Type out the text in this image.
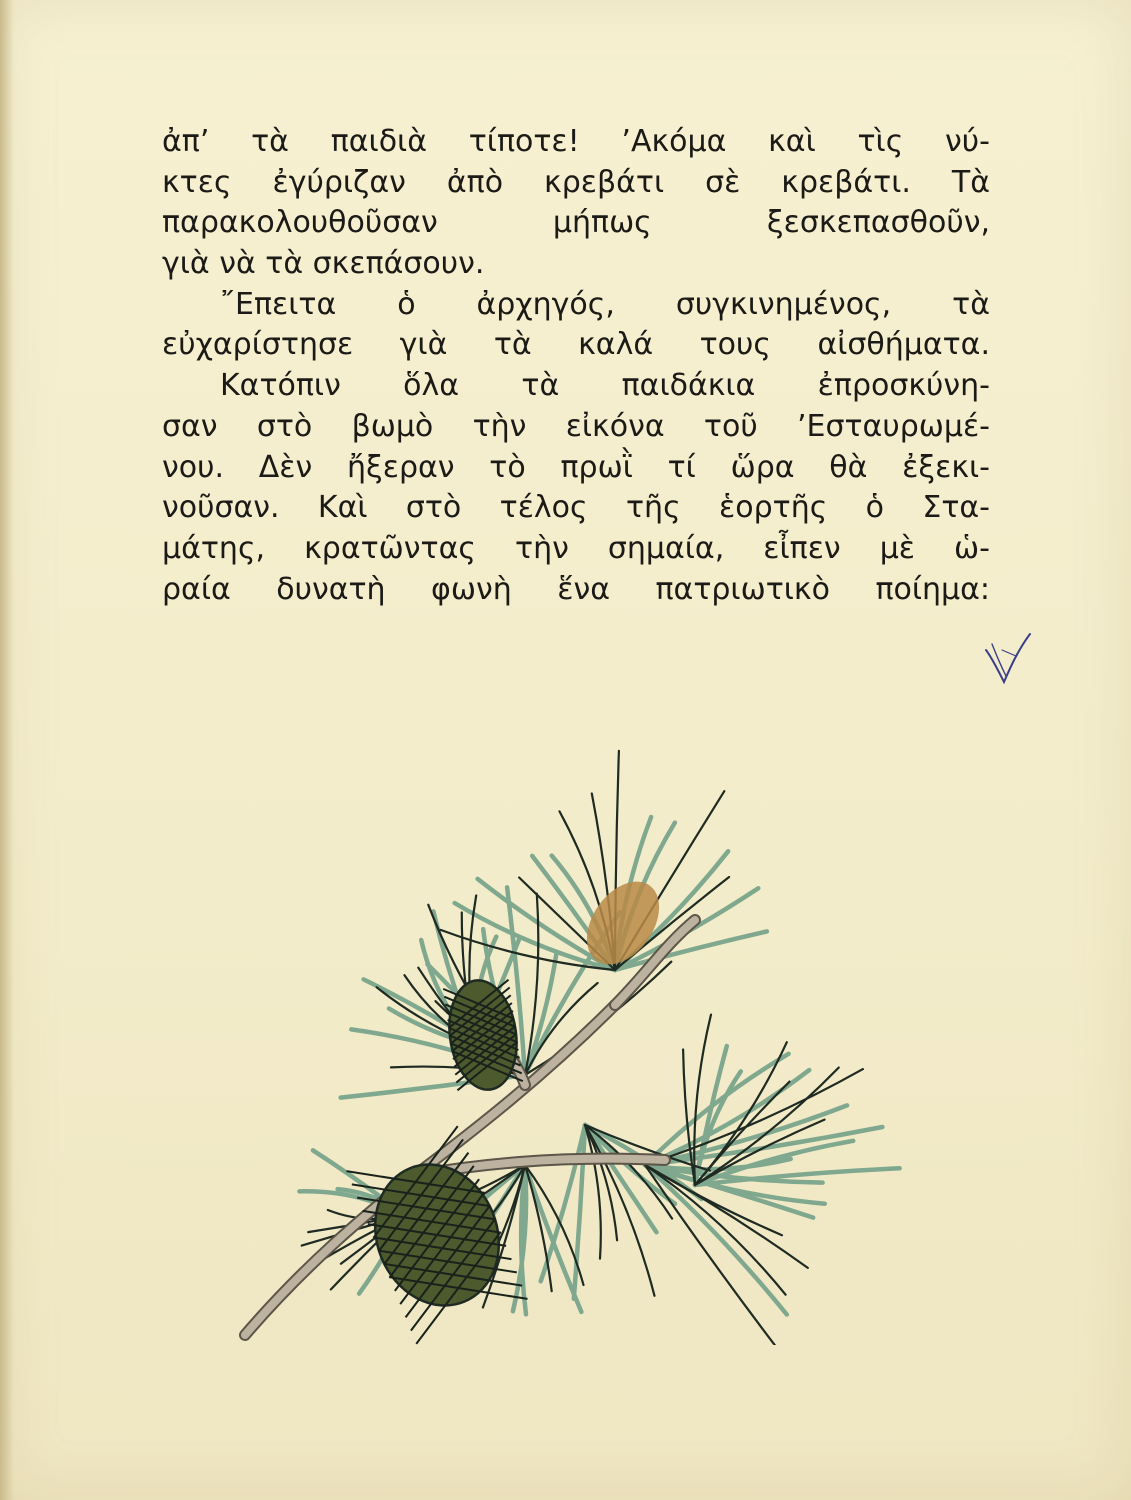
ἀπ’ τὰ παιδιὰ τίποτε! ’Ακόμα καὶ τὶς νύ-
κτες ἐγύριζαν ἀπὸ κρεβάτι σὲ κρεβάτι. Τὰ
παρακολουθοῦσαν μήπως ξεσκεπασθοῦν,
γιὰ νὰ τὰ σκεπάσουν.
῎Επειτα ὁ ἀρχηγός, συγκινημένος, τὰ
εὐχαρίστησε γιὰ τὰ καλά τους αἰσθήματα.
Κατόπιν ὅλα τὰ παιδάκια ἐπροσκύνη-
σαν στὸ βωμὸ τὴν εἰκόνα τοῦ ’Εσταυρωμέ-
νου. Δὲν ἤξεραν τὸ πρωῒ τί ὥρα θὰ ἐξεκι-
νοῦσαν. Καὶ στὸ τέλος τῆς ἑορτῆς ὁ Στα-
μάτης, κρατῶντας τὴν σημαία, εἶπεν μὲ ὡ-
ραία δυνατὴ φωνὴ ἕνα πατριωτικὸ ποίημα:
